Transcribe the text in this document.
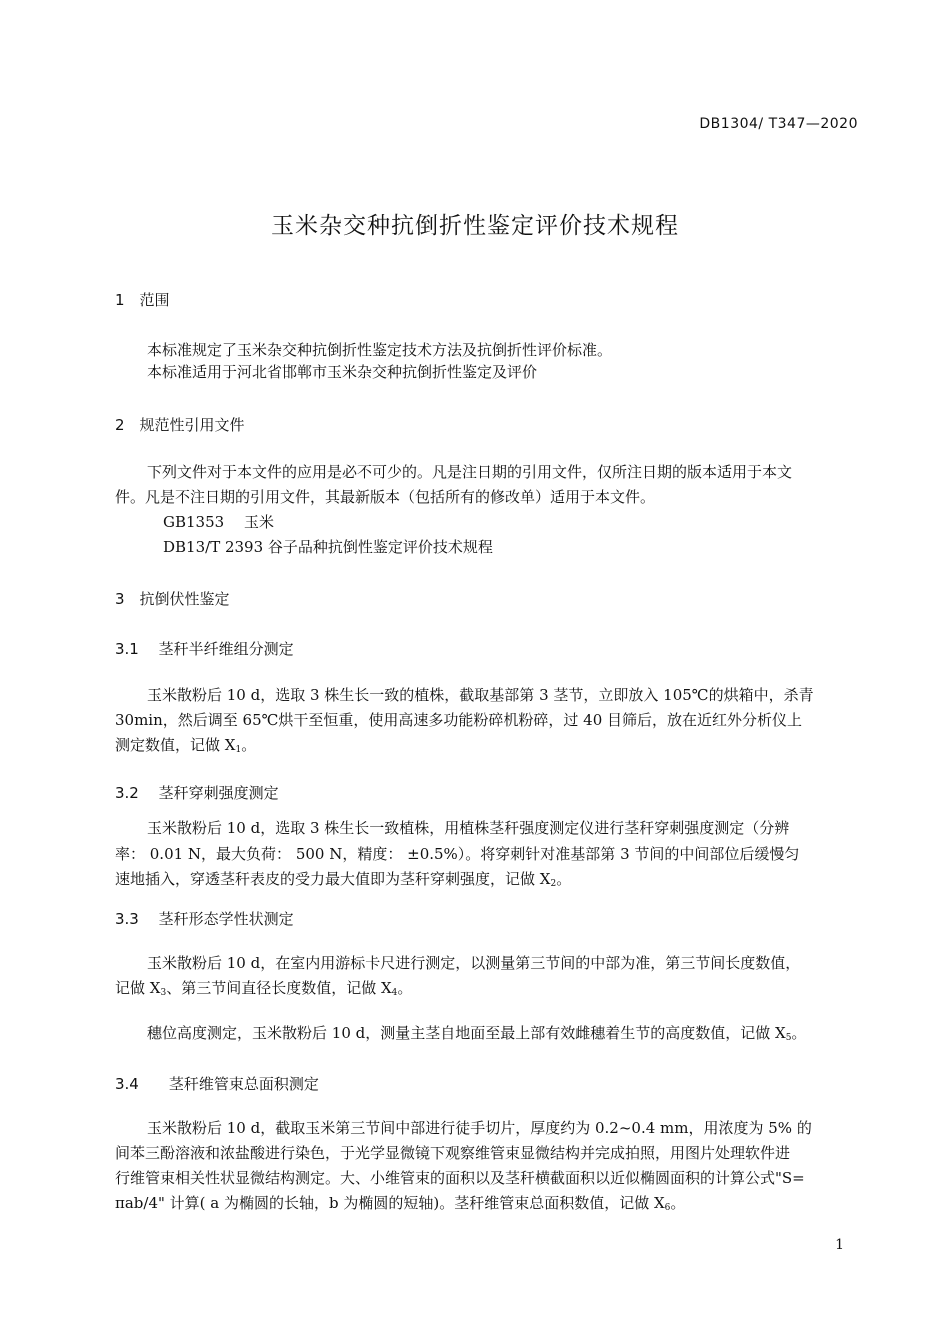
DB1304/ T347—2020
玉米杂交种抗倒折性鉴定评价技术规程
1　范围
本标准规定了玉米杂交种抗倒折性鉴定技术方法及抗倒折性评价标准。
本标准适用于河北省邯郸市玉米杂交种抗倒折性鉴定及评价
2　规范性引用文件
下列文件对于本文件的应用是必不可少的。凡是注日期的引用文件，仅所注日期的版本适用于本文
件。凡是不注日期的引用文件，其最新版本（包括所有的修改单）适用于本文件。
GB1353　 玉米
DB13/T 2393 谷子品种抗倒性鉴定评价技术规程
3　抗倒伏性鉴定
3.1　 茎秆半纤维组分测定
玉米散粉后 10 d，选取 3 株生长一致的植株，截取基部第 3 茎节，立即放入 105℃的烘箱中，杀青
30min，然后调至 65℃烘干至恒重，使用高速多功能粉碎机粉碎，过 40 目筛后，放在近红外分析仪上
测定数值，记做 $X_1$。
3.2　 茎秆穿刺强度测定
玉米散粉后 10 d，选取 3 株生长一致植株，用植株茎秆强度测定仪进行茎秆穿刺强度测定（分辨
率： 0.01 N，最大负荷： 500 N，精度： ±0.5%）。将穿刺针对准基部第 3 节间的中间部位后缓慢匀
速地插入，穿透茎秆表皮的受力最大值即为茎秆穿刺强度，记做 $X_2$。
3.3　 茎秆形态学性状测定
玉米散粉后 10 d，在室内用游标卡尺进行测定，以测量第三节间的中部为准，第三节间长度数值，
记做 $X_3$、第三节间直径长度数值，记做 $X_4$。
穗位高度测定，玉米散粉后 10 d，测量主茎自地面至最上部有效雌穗着生节的高度数值，记做 $X_5$。
3.4　　茎秆维管束总面积测定
玉米散粉后 10 d，截取玉米第三节间中部进行徒手切片，厚度约为 0.2~0.4 mm，用浓度为 5% 的
间苯三酚溶液和浓盐酸进行染色，于光学显微镜下观察维管束显微结构并完成拍照，用图片处理软件进
行维管束相关性状显微结构测定。大、小维管束的面积以及茎秆横截面积以近似椭圆面积的计算公式"S=
πab/4" 计算( a 为椭圆的长轴，b 为椭圆的短轴)。茎秆维管束总面积数值，记做 $X_6$。
1
